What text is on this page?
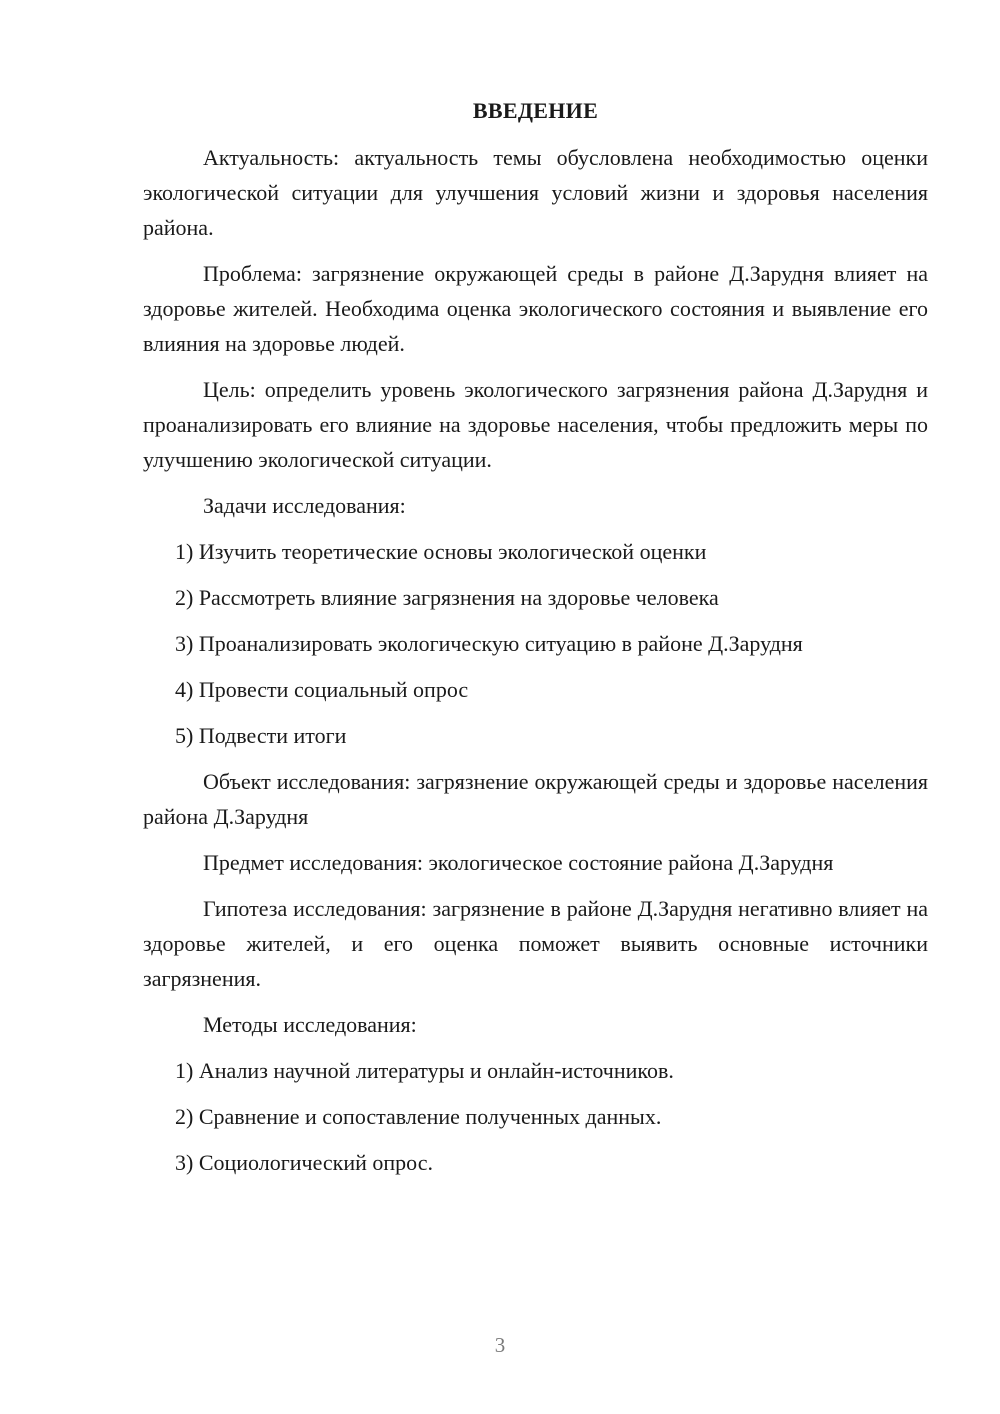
ВВЕДЕНИЕ

Актуальность: актуальность темы обусловлена необходимостью оценки экологической ситуации для улучшения условий жизни и здоровья населения района.

Проблема: загрязнение окружающей среды в районе Д.Зарудня влияет на здоровье жителей. Необходима оценка экологического состояния и выявление его влияния на здоровье людей.

Цель: определить уровень экологического загрязнения района Д.Зарудня и проанализировать его влияние на здоровье населения, чтобы предложить меры по улучшению экологической ситуации.

Задачи исследования:

1) Изучить теоретические основы экологической оценки
2) Рассмотреть влияние загрязнения на здоровье человека
3) Проанализировать экологическую ситуацию в районе Д.Зарудня
4) Провести социальный опрос
5) Подвести итоги

Объект исследования: загрязнение окружающей среды и здоровье населения района Д.Зарудня

Предмет исследования: экологическое состояние района Д.Зарудня

Гипотеза исследования: загрязнение в районе Д.Зарудня негативно влияет на здоровье жителей, и его оценка поможет выявить основные источники загрязнения.

Методы исследования:

1) Анализ научной литературы и онлайн-источников.
2) Сравнение и сопоставление полученных данных.
3) Социологический опрос.
3
